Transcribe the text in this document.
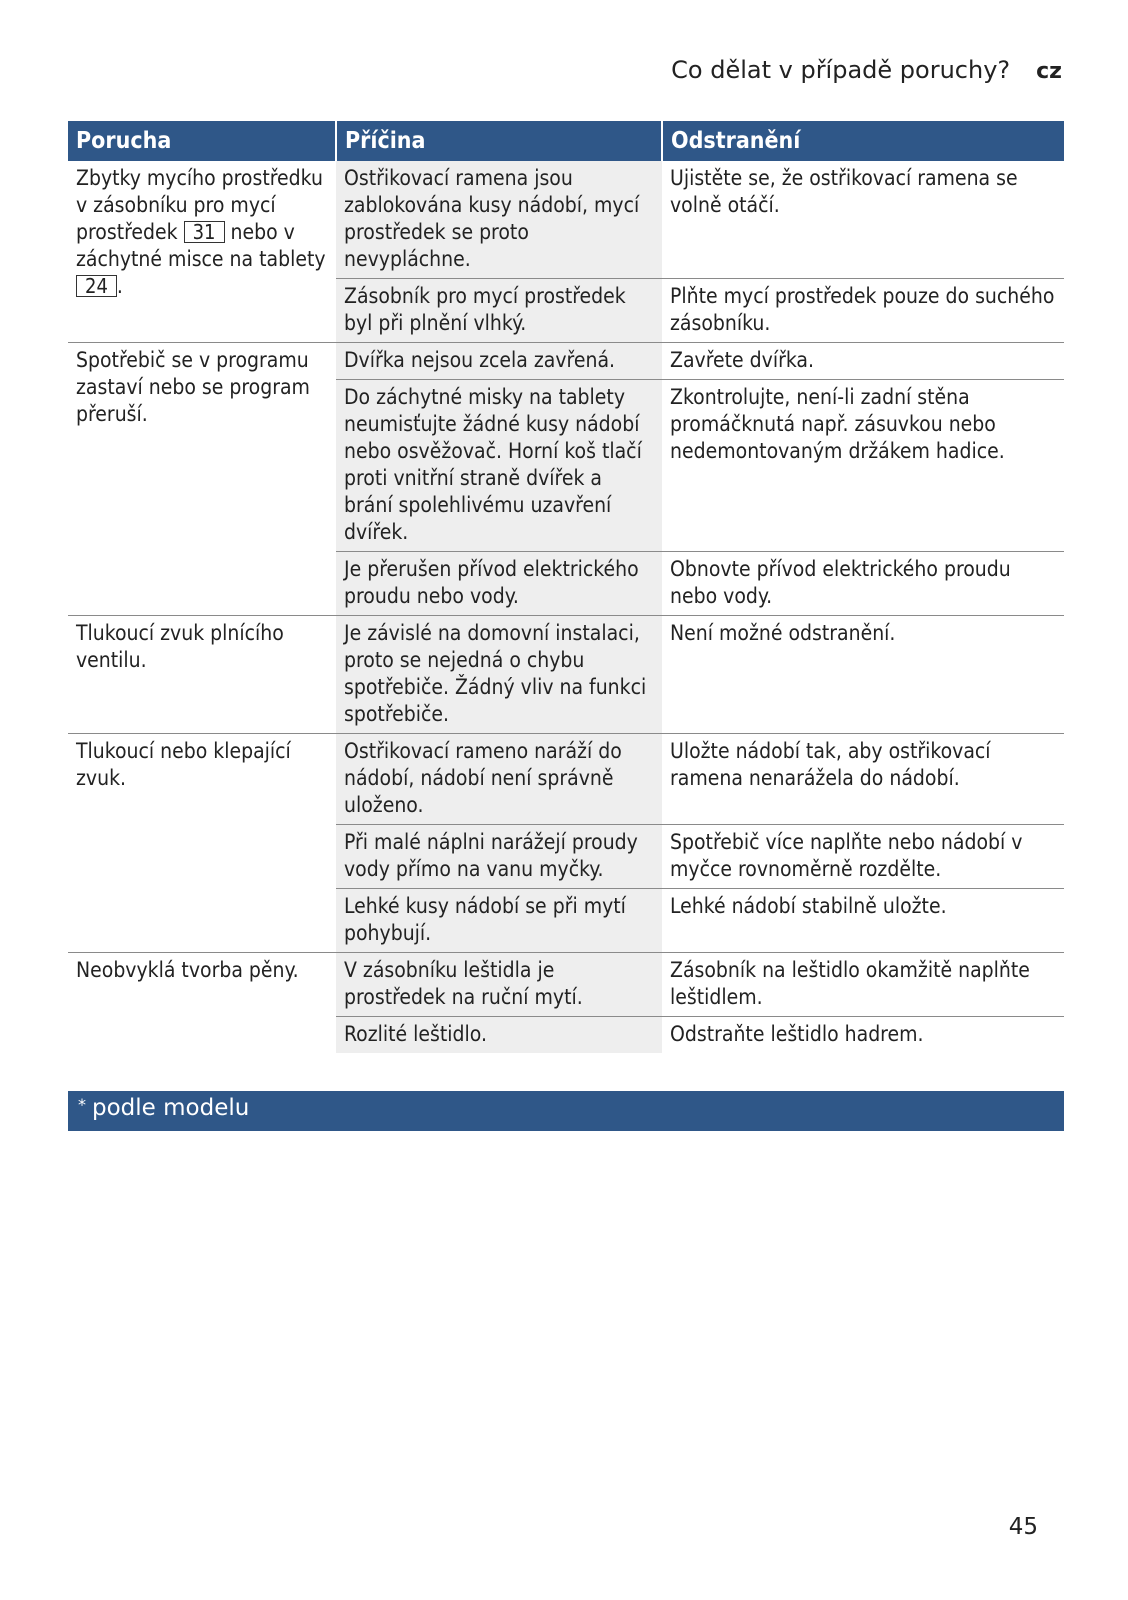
Co dělat v případě poruchy? cz
Porucha	Příčina	Odstranění
Zbytky mycího prostředku v zásobníku pro mycí prostředek 31 nebo v záchytné misce na tablety 24 .	Ostřikovací ramena jsou zablokována kusy nádobí, mycí prostředek se proto nevypláchne.	Ujistěte se, že ostřikovací ramena se volně otáčí.
	Zásobník pro mycí prostředek byl při plnění vlhký.	Plňte mycí prostředek pouze do suchého zásobníku.
Spotřebič se v programu zastaví nebo se program přeruší.	Dvířka nejsou zcela zavřená.	Zavřete dvířka.
	Do záchytné misky na tablety neumisťujte žádné kusy nádobí nebo osvěžovač. Horní koš tlačí proti vnitřní straně dvířek a brání spolehlivému uzavření dvířek.	Zkontrolujte, není-li zadní stěna promáčknutá např. zásuvkou nebo nedemontovaným držákem hadice.
	Je přerušen přívod elektrického proudu nebo vody.	Obnovte přívod elektrického proudu nebo vody.
Tlukoucí zvuk plnícího ventilu.	Je závislé na domovní instalaci, proto se nejedná o chybu spotřebiče. Žádný vliv na funkci spotřebiče.	Není možné odstranění.
Tlukoucí nebo klepající zvuk.	Ostřikovací rameno naráží do nádobí, nádobí není správně uloženo.	Uložte nádobí tak, aby ostřikovací ramena nenarážela do nádobí.
	Při malé náplni narážejí proudy vody přímo na vanu myčky.	Spotřebič více naplňte nebo nádobí v myčce rovnoměrně rozdělte.
	Lehké kusy nádobí se při mytí pohybují.	Lehké nádobí stabilně uložte.
Neobvyklá tvorba pěny.	V zásobníku leštidla je prostředek na ruční mytí.	Zásobník na leštidlo okamžitě naplňte leštidlem.
	Rozlité leštidlo.	Odstraňte leštidlo hadrem.
* podle modelu
45
